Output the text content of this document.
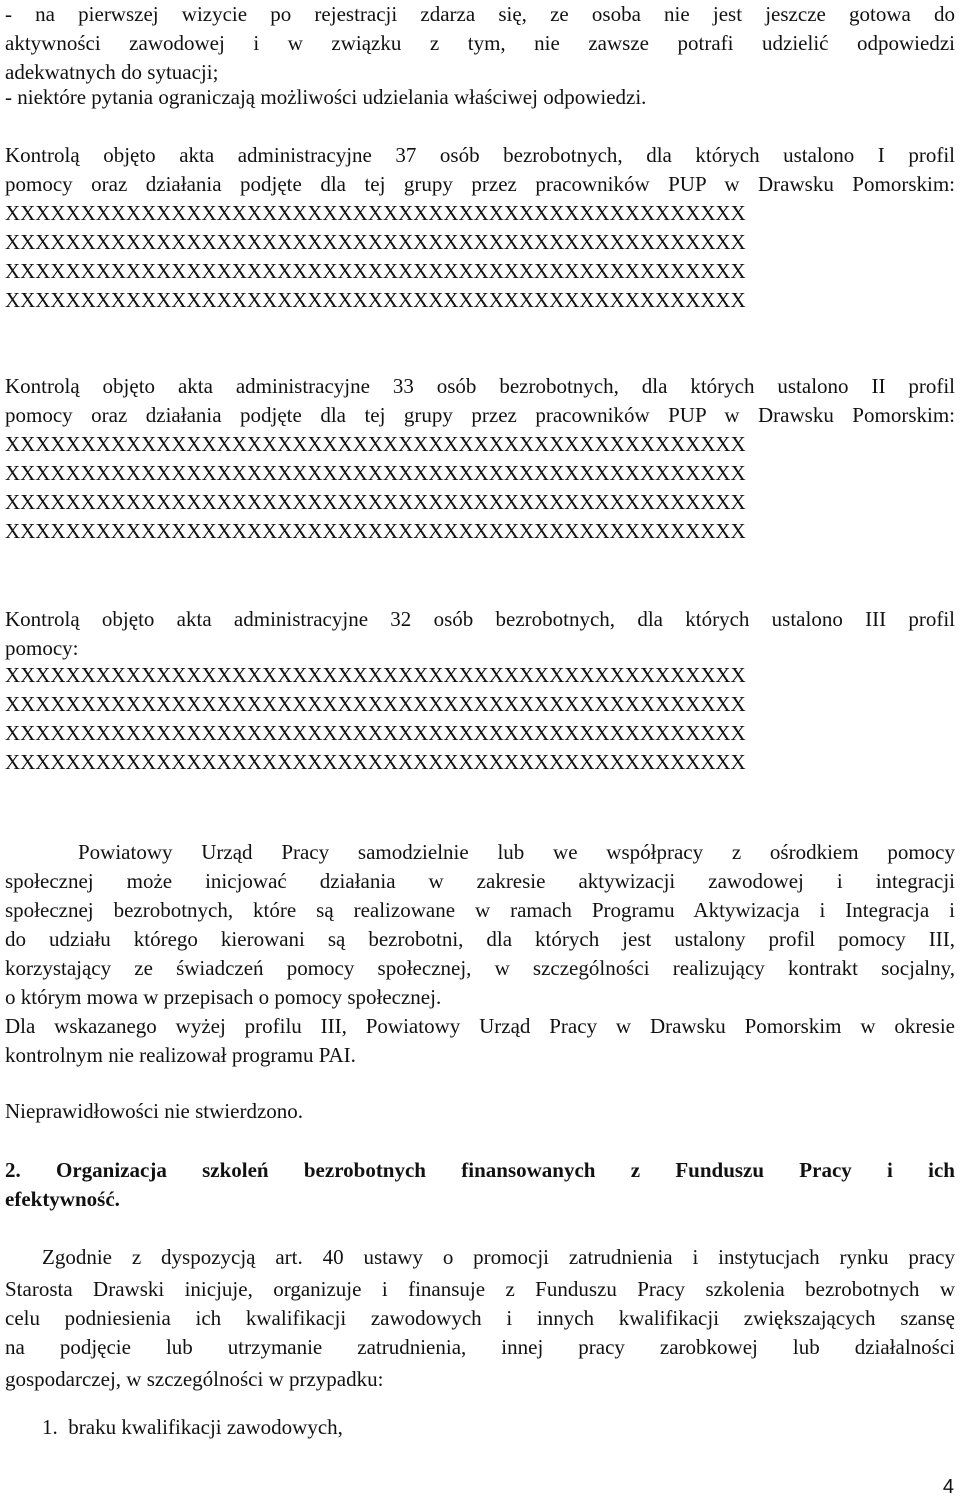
- na pierwszej wizycie po rejestracji zdarza się, ze osoba nie jest jeszcze gotowa do
aktywności zawodowej i w związku z tym, nie zawsze potrafi udzielić odpowiedzi
adekwatnych do sytuacji;
- niektóre pytania ograniczają możliwości udzielania właściwej odpowiedzi.
Kontrolą objęto akta administracyjne 37 osób bezrobotnych, dla których ustalono I profil
pomocy oraz działania podjęte dla tej grupy przez pracowników PUP w Drawsku Pomorskim:
XXXXXXXXXXXXXXXXXXXXXXXXXXXXXXXXXXXXXXXXXXXXXXXXX
XXXXXXXXXXXXXXXXXXXXXXXXXXXXXXXXXXXXXXXXXXXXXXXXX
XXXXXXXXXXXXXXXXXXXXXXXXXXXXXXXXXXXXXXXXXXXXXXXXX
XXXXXXXXXXXXXXXXXXXXXXXXXXXXXXXXXXXXXXXXXXXXXXXXX
Kontrolą objęto akta administracyjne 33 osób bezrobotnych, dla których ustalono II profil
pomocy oraz działania podjęte dla tej grupy przez pracowników PUP w Drawsku Pomorskim:
XXXXXXXXXXXXXXXXXXXXXXXXXXXXXXXXXXXXXXXXXXXXXXXXX
XXXXXXXXXXXXXXXXXXXXXXXXXXXXXXXXXXXXXXXXXXXXXXXXX
XXXXXXXXXXXXXXXXXXXXXXXXXXXXXXXXXXXXXXXXXXXXXXXXX
XXXXXXXXXXXXXXXXXXXXXXXXXXXXXXXXXXXXXXXXXXXXXXXXX
Kontrolą objęto akta administracyjne 32 osób bezrobotnych, dla których ustalono III profil
pomocy:
XXXXXXXXXXXXXXXXXXXXXXXXXXXXXXXXXXXXXXXXXXXXXXXXX
XXXXXXXXXXXXXXXXXXXXXXXXXXXXXXXXXXXXXXXXXXXXXXXXX
XXXXXXXXXXXXXXXXXXXXXXXXXXXXXXXXXXXXXXXXXXXXXXXXX
XXXXXXXXXXXXXXXXXXXXXXXXXXXXXXXXXXXXXXXXXXXXXXXXX
Powiatowy Urząd Pracy samodzielnie lub we współpracy z ośrodkiem pomocy
społecznej może inicjować działania w zakresie aktywizacji zawodowej i integracji
społecznej bezrobotnych, które są realizowane w ramach Programu Aktywizacja i Integracja i
do udziału którego kierowani są bezrobotni, dla których jest ustalony profil pomocy III,
korzystający ze świadczeń pomocy społecznej, w szczególności realizujący kontrakt socjalny,
o którym mowa w przepisach o pomocy społecznej.
Dla wskazanego wyżej profilu III, Powiatowy Urząd Pracy w Drawsku Pomorskim w okresie
kontrolnym nie realizował programu PAI.
Nieprawidłowości nie stwierdzono.
2. Organizacja szkoleń bezrobotnych finansowanych z Funduszu Pracy i ich
efektywność.
Zgodnie z dyspozycją art. 40 ustawy o promocji zatrudnienia i instytucjach rynku pracy
Starosta Drawski inicjuje, organizuje i finansuje z Funduszu Pracy szkolenia bezrobotnych w
celu podniesienia ich kwalifikacji zawodowych i innych kwalifikacji zwiększających szansę
na podjęcie lub utrzymanie zatrudnienia, innej pracy zarobkowej lub działalności
gospodarczej, w szczególności w przypadku:
1.  braku kwalifikacji zawodowych,
4
